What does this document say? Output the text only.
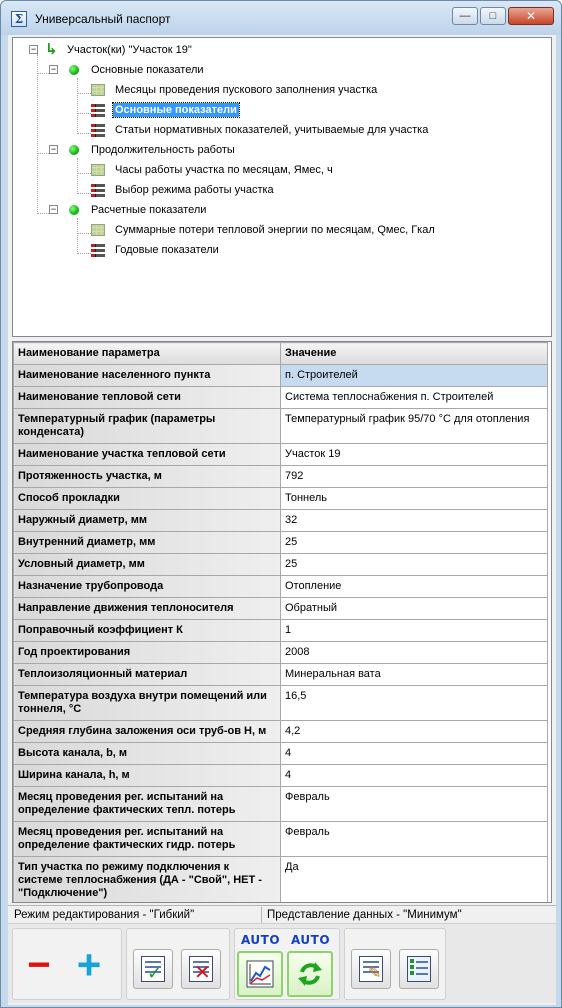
Σ Универсальный паспорт	— □ ✕
− ↳ Участок(ки) "Участок 19"
−	Основные показатели
Месяцы проведения пускового заполнения участка
Основные показатели
Статьи нормативных показателей, учитываемые для участка
−	Продолжительность работы
Часы работы участка по месяцам, Ямес, ч
Выбор режима работы участка
−	Расчетные показатели
Суммарные потери тепловой энергии по месяцам, Qмес, Гкал
Годовые показатели
Наименование параметра	Значение
Наименование населенного пункта	п. Строителей
Наименование тепловой сети	Система теплоснабжения п. Строителей
Температурный график (параметры конденсата)	Температурный график 95/70 °С для отопления
Наименование участка тепловой сети	Участок 19
Протяженность участка, м	792
Способ прокладки	Тоннель
Наружный диаметр, мм	32
Внутренний диаметр, мм	25
Условный диаметр, мм	25
Назначение трубопровода	Отопление
Направление движения теплоносителя	Обратный
Поправочный коэффициент К	1
Год проектирования	2008
Теплоизоляционный материал	Минеральная вата
Температура воздуха внутри помещений или тоннеля, °С	16,5
Средняя глубина заложения оси труб-ов Н, м	4,2
Высота канала, b, м	4
Ширина канала, h, м	4
Месяц проведения рег. испытаний на определение фактических тепл. потерь	Февраль
Месяц проведения рег. испытаний на определение фактических гидр. потерь	Февраль
Тип участка по режиму подключения к системе теплоснабжения (ДА - "Свой", НЕТ - "Подключение")	Да
Режим редактирования - "Гибкий"	Представление данных - "Минимум"
− +	✓ ✕
AUTO AUTO
✎
